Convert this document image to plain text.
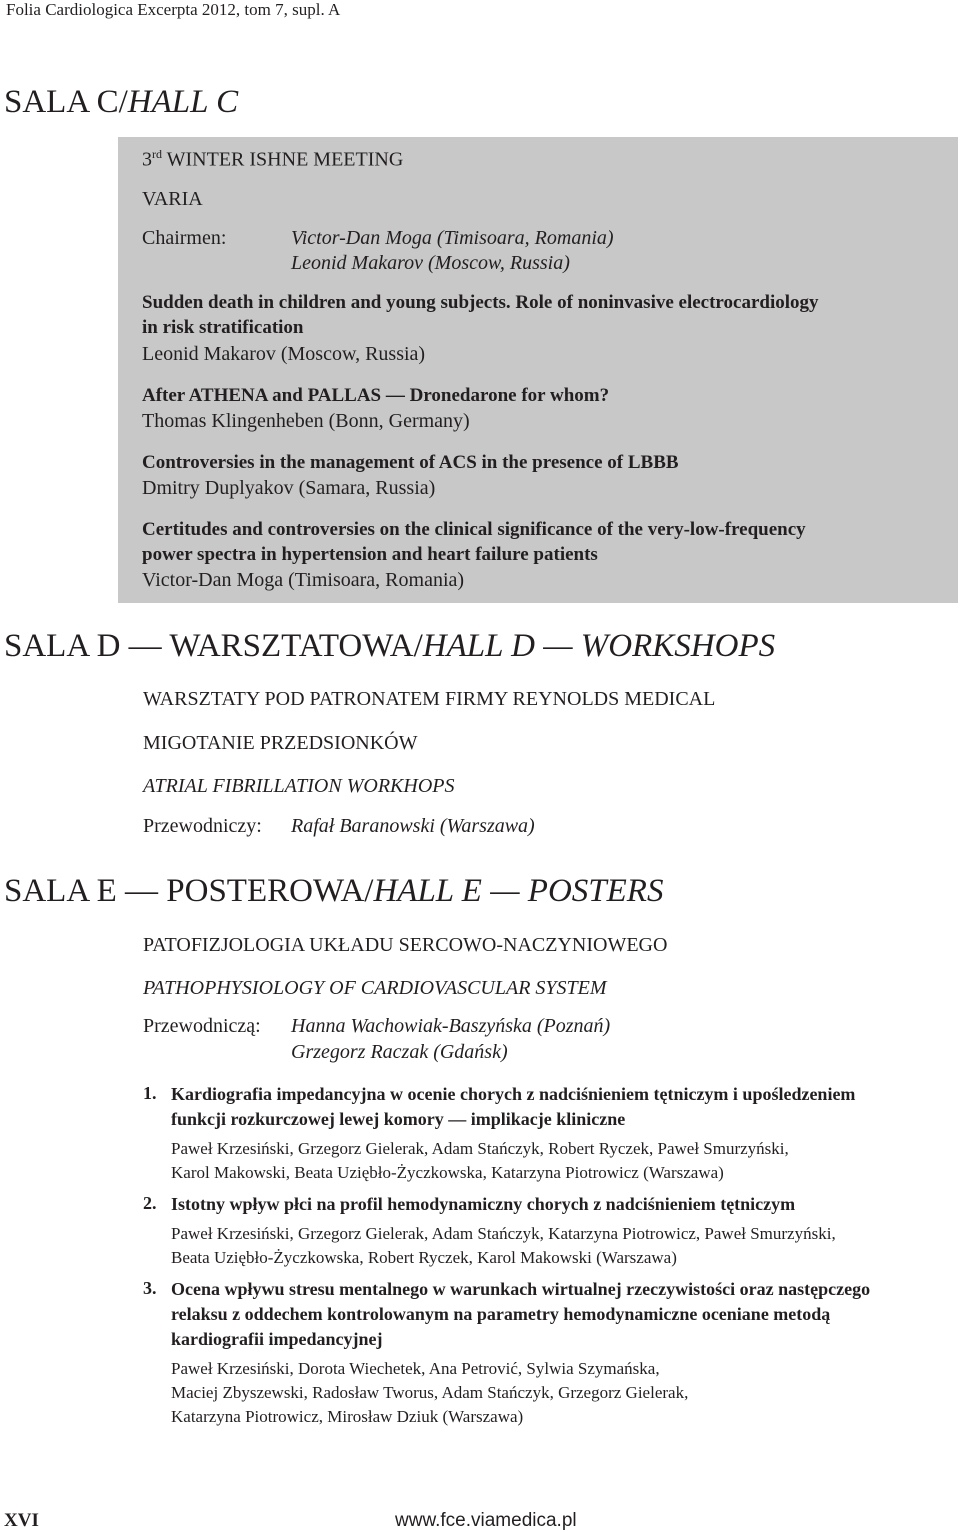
Folia Cardiologica Excerpta 2012, tom 7, supl. A
SALA C/HALL C
3rd WINTER ISHNE MEETING
VARIA
Chairmen:	Victor-Dan Moga (Timisoara, Romania)
Leonid Makarov (Moscow, Russia)
Sudden death in children and young subjects. Role of noninvasive electrocardiology
in risk stratification
Leonid Makarov (Moscow, Russia)
After ATHENA and PALLAS — Dronedarone for whom?
Thomas Klingenheben (Bonn, Germany)
Controversies in the management of ACS in the presence of LBBB
Dmitry Duplyakov (Samara, Russia)
Certitudes and controversies on the clinical significance of the very-low-frequency
power spectra in hypertension and heart failure patients
Victor-Dan Moga (Timisoara, Romania)
SALA D — WARSZTATOWA/HALL D — WORKSHOPS
WARSZTATY POD PATRONATEM FIRMY REYNOLDS MEDICAL
MIGOTANIE PRZEDSIONKÓW
ATRIAL FIBRILLATION WORKHOPS
Przewodniczy: Rafał Baranowski (Warszawa)
SALA E — POSTEROWA/HALL E — POSTERS
PATOFIZJOLOGIA UKŁADU SERCOWO-NACZYNIOWEGO
PATHOPHYSIOLOGY OF CARDIOVASCULAR SYSTEM
Przewodniczą: Hanna Wachowiak-Baszyńska (Poznań)
Grzegorz Raczak (Gdańsk)
1. Kardiografia impedancyjna w ocenie chorych z nadciśnieniem tętniczym i upośledzeniem
funkcji rozkurczowej lewej komory — implikacje kliniczne
Paweł Krzesiński, Grzegorz Gielerak, Adam Stańczyk, Robert Ryczek, Paweł Smurzyński,
Karol Makowski, Beata Uziębło-Życzkowska, Katarzyna Piotrowicz (Warszawa)
2. Istotny wpływ płci na profil hemodynamiczny chorych z nadciśnieniem tętniczym
Paweł Krzesiński, Grzegorz Gielerak, Adam Stańczyk, Katarzyna Piotrowicz, Paweł Smurzyński,
Beata Uziębło-Życzkowska, Robert Ryczek, Karol Makowski (Warszawa)
3. Ocena wpływu stresu mentalnego w warunkach wirtualnej rzeczywistości oraz następczego
relaksu z oddechem kontrolowanym na parametry hemodynamiczne oceniane metodą
kardiografii impedancyjnej
Paweł Krzesiński, Dorota Wiechetek, Ana Petrović, Sylwia Szymańska,
Maciej Zbyszewski, Radosław Tworus, Adam Stańczyk, Grzegorz Gielerak,
Katarzyna Piotrowicz, Mirosław Dziuk (Warszawa)
XVI	www.fce.viamedica.pl
